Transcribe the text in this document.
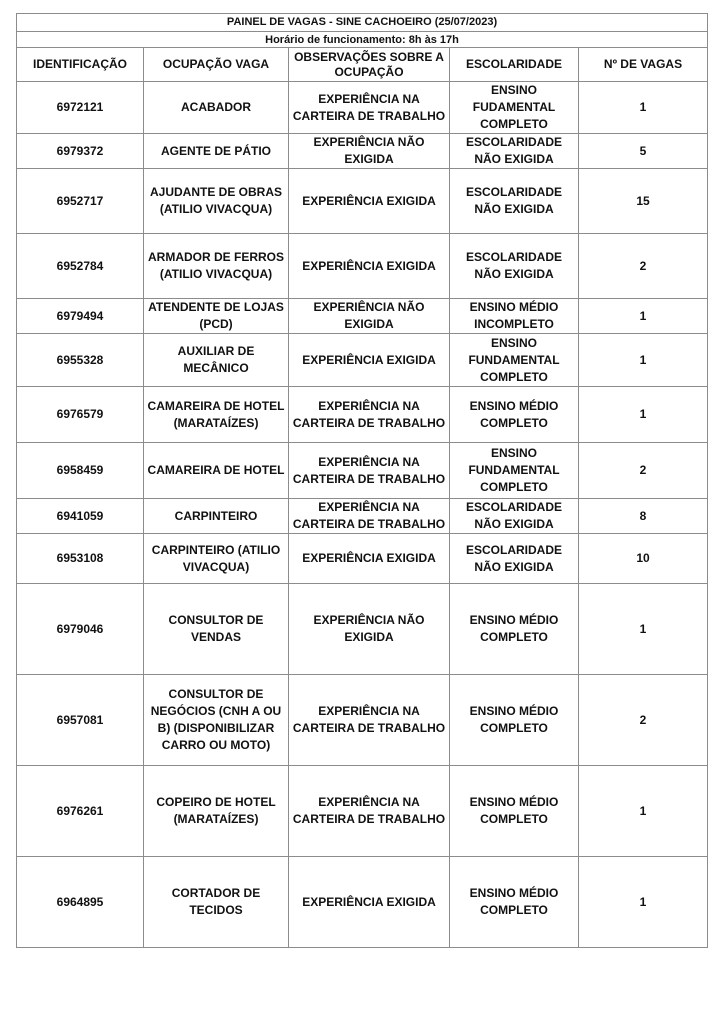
PAINEL DE VAGAS - SINE CACHOEIRO (25/07/2023)				
Horário de funcionamento: 8h às 17h				
IDENTIFICAÇÃO	OCUPAÇÃO VAGA	OBSERVAÇÕES SOBRE A OCUPAÇÃO	ESCOLARIDADE	Nº DE VAGAS
6972121	ACABADOR	EXPERIÊNCIA NA CARTEIRA DE TRABALHO	ENSINO FUDAMENTAL COMPLETO	1
6979372	AGENTE DE PÁTIO	EXPERIÊNCIA NÃO EXIGIDA	ESCOLARIDADE NÃO EXIGIDA	5
6952717	AJUDANTE DE OBRAS (ATILIO VIVACQUA)	EXPERIÊNCIA EXIGIDA	ESCOLARIDADE NÃO EXIGIDA	15
6952784	ARMADOR DE FERROS (ATILIO VIVACQUA)	EXPERIÊNCIA EXIGIDA	ESCOLARIDADE NÃO EXIGIDA	2
6979494	ATENDENTE DE LOJAS (PCD)	EXPERIÊNCIA NÃO EXIGIDA	ENSINO MÉDIO INCOMPLETO	1
6955328	AUXILIAR DE MECÂNICO	EXPERIÊNCIA EXIGIDA	ENSINO FUNDAMENTAL COMPLETO	1
6976579	CAMAREIRA DE HOTEL (MARATAÍZES)	EXPERIÊNCIA NA CARTEIRA DE TRABALHO	ENSINO MÉDIO COMPLETO	1
6958459	CAMAREIRA DE HOTEL	EXPERIÊNCIA NA CARTEIRA DE TRABALHO	ENSINO FUNDAMENTAL COMPLETO	2
6941059	CARPINTEIRO	EXPERIÊNCIA NA CARTEIRA DE TRABALHO	ESCOLARIDADE NÃO EXIGIDA	8
6953108	CARPINTEIRO (ATILIO VIVACQUA)	EXPERIÊNCIA EXIGIDA	ESCOLARIDADE NÃO EXIGIDA	10
6979046	CONSULTOR DE VENDAS	EXPERIÊNCIA NÃO EXIGIDA	ENSINO MÉDIO COMPLETO	1
6957081	CONSULTOR DE NEGÓCIOS (CNH A OU B) (DISPONIBILIZAR CARRO OU MOTO)	EXPERIÊNCIA NA CARTEIRA DE TRABALHO	ENSINO MÉDIO COMPLETO	2
6976261	COPEIRO DE HOTEL (MARATAÍZES)	EXPERIÊNCIA NA CARTEIRA DE TRABALHO	ENSINO MÉDIO COMPLETO	1
6964895	CORTADOR DE TECIDOS	EXPERIÊNCIA EXIGIDA	ENSINO MÉDIO COMPLETO	1
